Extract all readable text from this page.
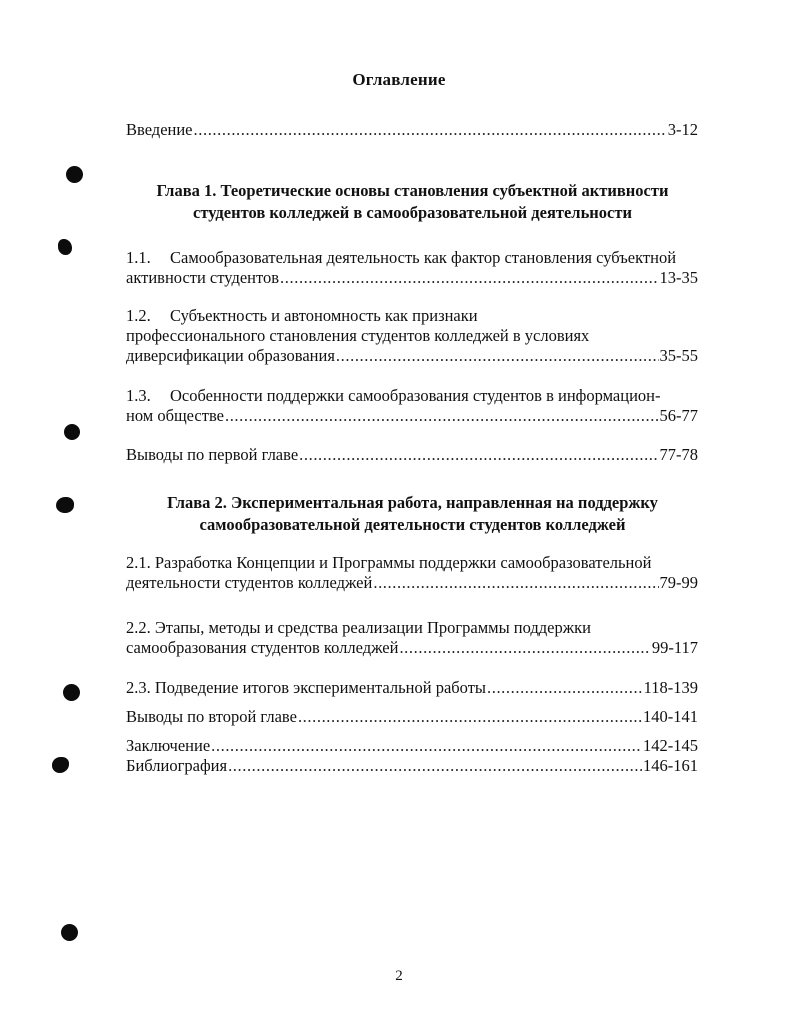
Оглавление
Введение .....	3-12
Глава 1. Теоретические основы становления субъектной активности
студентов колледжей в самообразовательной деятельности
1.1. Самообразовательная деятельность как фактор становления субъектной
активности студентов .....	13-35
1.2. Субъектность и автономность как признаки
профессионального становления студентов колледжей в условиях
диверсификации образования .....	35-55
1.3. Особенности поддержки самообразования студентов в информацион-
ном обществе .....	56-77
Выводы по первой главе .....	77-78
Глава 2. Экспериментальная работа, направленная на поддержку
самообразовательной деятельности студентов колледжей
2.1. Разработка Концепции и Программы поддержки самообразовательной
деятельности студентов колледжей .....	79-99
2.2. Этапы, методы и средства реализации Программы поддержки
самообразования студентов колледжей .....	99-117
2.3. Подведение итогов экспериментальной работы .....	118-139
Выводы по второй главе .....	140-141
Заключение .....	142-145
Библиография .....	146-161
2
